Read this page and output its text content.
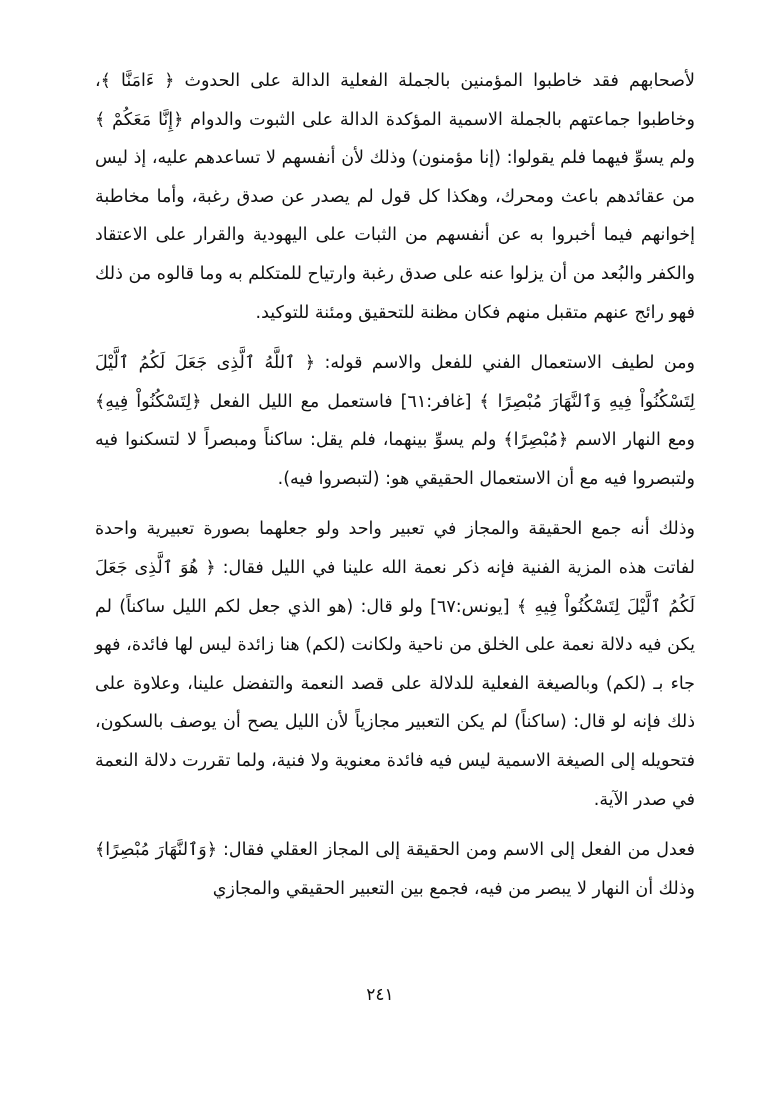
لأصحابهم فقد خاطبوا المؤمنين بالجملة الفعلية الدالة على الحدوث ﴿ ءَامَنَّا ﴾، وخاطبوا جماعتهم بالجملة الاسمية المؤكدة الدالة على الثبوت والدوام ﴿إِنَّا مَعَكُمْ ﴾ ولم يسوِّ فيهما فلم يقولوا: (إنا مؤمنون) وذلك لأن أنفسهم لا تساعدهم عليه، إذ ليس من عقائدهم باعث ومحرك، وهكذا كل قول لم يصدر عن صدق رغبة، وأما مخاطبة إخوانهم فيما أخبروا به عن أنفسهم من الثبات على اليهودية والقرار على الاعتقاد والكفر والبُعد من أن يزلوا عنه على صدق رغبة وارتياح للمتكلم به وما قالوه من ذلك فهو رائج عنهم متقبل منهم فكان مظنة للتحقيق ومئنة للتوكيد.

ومن لطيف الاستعمال الفني للفعل والاسم قوله: ﴿ ٱللَّهُ ٱلَّذِى جَعَلَ لَكُمُ ٱلَّيْلَ لِتَسْكُنُواْ فِيهِ وَٱلنَّهَارَ مُبْصِرًا ﴾ [غافر:٦١] فاستعمل مع الليل الفعل ﴿لِتَسْكُنُواْ فِيهِ﴾ ومع النهار الاسم ﴿مُبْصِرًا﴾ ولم يسوِّ بينهما، فلم يقل: ساكناً ومبصراً لا لتسكنوا فيه ولتبصروا فيه مع أن الاستعمال الحقيقي هو: (لتبصروا فيه).

وذلك أنه جمع الحقيقة والمجاز في تعبير واحد ولو جعلهما بصورة تعبيرية واحدة لفاتت هذه المزية الفنية فإنه ذكر نعمة الله علينا في الليل فقال: ﴿ هُوَ ٱلَّذِى جَعَلَ لَكُمُ ٱلَّيْلَ لِتَسْكُنُواْ فِيهِ ﴾ [يونس:٦٧] ولو قال: (هو الذي جعل لكم الليل ساكناً) لم يكن فيه دلالة نعمة على الخلق من ناحية ولكانت (لكم) هنا زائدة ليس لها فائدة، فهو جاء بـ (لكم) وبالصيغة الفعلية للدلالة على قصد النعمة والتفضل علينا، وعلاوة على ذلك فإنه لو قال: (ساكناً) لم يكن التعبير مجازياً لأن الليل يصح أن يوصف بالسكون، فتحويله إلى الصيغة الاسمية ليس فيه فائدة معنوية ولا فنية، ولما تقررت دلالة النعمة في صدر الآية.

فعدل من الفعل إلى الاسم ومن الحقيقة إلى المجاز العقلي فقال: ﴿وَٱلنَّهَارَ مُبْصِرًا﴾ وذلك أن النهار لا يبصر من فيه، فجمع بين التعبير الحقيقي والمجازي

٢٤١
